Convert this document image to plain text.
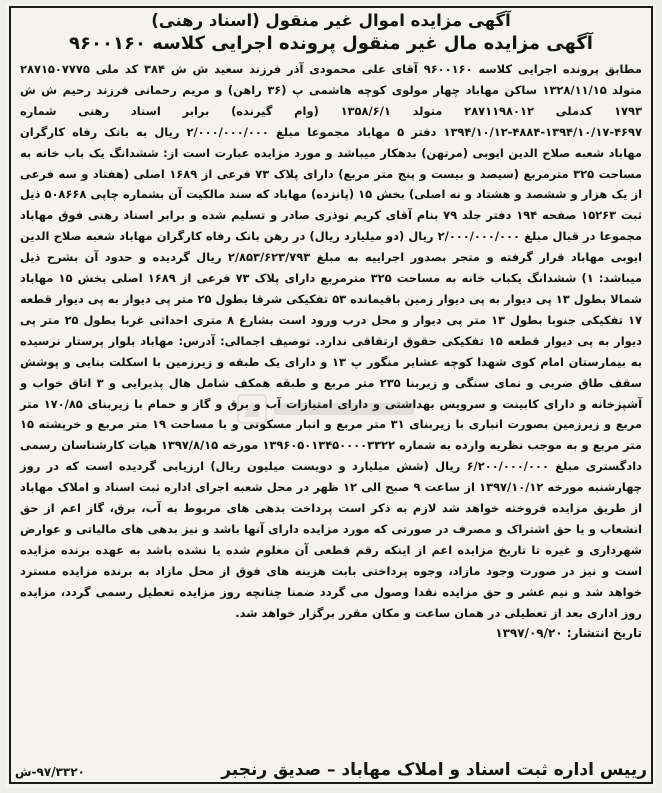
آگهی مزایده اموال غیر منقول (اسناد رهنی)
آگهی مزایده مال غیر منقول پرونده اجرایی کلاسه ۹۶۰۰۱۶۰

مطابق پرونده اجرایی کلاسه ۹۶۰۰۱۶۰ آقای علی محمودی آذر فرزند سعید ش ش ۳۸۴ کد ملی ۲۸۷۱۵۰۷۷۷۵ متولد ۱۳۲۸/۱۱/۱۵ ساکن مهاباد چهار مولوی کوچه هاشمی پ (۳۶ راهن) و مریم رحمانی فرزند رحیم ش ش ۱۷۹۳ کدملی ۲۸۷۱۱۹۸۰۱۲ متولد ۱۳۵۸/۶/۱ (وام گیرنده) برابر اسناد رهنی شماره ۴۶۹۷-۱۳۹۴/۱۰/۱۷-۴۸۸۴-۱۳۹۴/۱۰/۱۲ دفتر ۵ مهاباد مجموعا مبلغ ۲/۰۰۰/۰۰۰/۰۰۰ ریال به بانک رفاه کارگران مهاباد شعبه صلاح الدین ایوبی (مرتهن) بدهکار میباشد و مورد مزایده عبارت است از: ششدانگ یک باب خانه به مساحت ۳۲۵ مترمربع (سیصد و بیست و پنج متر مربع) دارای پلاک ۷۳ فرعی از ۱۶۸۹ اصلی (هفتاد و سه فرعی از یک هزار و ششصد و هشتاد و نه اصلی) بخش ۱۵ (پانزده) مهاباد که سند مالکیت آن بشماره چاپی ۵۰۸۶۶۸ ذیل ثبت ۱۵۲۶۳ صفحه ۱۹۴ دفتر جلد ۷۹ بنام آقای کریم توذری صادر و تسلیم شده و برابر اسناد رهنی فوق مهاباد مجموعا در قبال مبلغ ۲/۰۰۰/۰۰۰/۰۰۰ ریال (دو میلیارد ریال) در رهن بانک رفاه کارگران مهاباد شعبه صلاح الدین ایوبی مهاباد قرار گرفته و متجر بصدور اجراییه به مبلغ ۲/۸۵۳/۶۲۳/۷۹۳ ریال گردیده و حدود آن بشرح ذیل میباشد: ۱) ششدانگ یکباب خانه به مساحت ۳۲۵ مترمربع دارای پلاک ۷۳ فرعی از ۱۶۸۹ اصلی بخش ۱۵ مهاباد شمالا بطول ۱۳ پی دیوار به پی دیوار زمین باقیمانده ۵۳ تفکیکی شرقا بطول ۲۵ متر پی دیوار به پی دیوار قطعه ۱۷ تفکیکی جنوبا بطول ۱۳ متر پی دیوار و محل درب ورود است بشارع ۸ متری احداثی غربا بطول ۲۵ متر پی دیوار به پی دیوار قطعه ۱۵ تفکیکی حقوق ارتفاقی ندارد. توصیف اجمالی: آدرس: مهاباد بلوار پرستار نرسیده به بیمارستان امام کوی شهدا کوچه عشایر منگور پ ۱۳ و دارای یک طبقه و زیرزمین با اسکلت بنایی و پوشش سقف طاق ضربی و نمای سنگی و زیربنا ۲۳۵ متر مربع و طبقه همکف شامل هال پذیرایی و ۳ اتاق خواب و آشپزخانه و دارای کابینت و سرویس بهداشتی و دارای امتیازات آب و برق و گاز و حمام با زیربنای ۱۷۰/۸۵ متر مربع و زیرزمین بصورت انباری با زیربنای ۳۱ متر مربع و انبار مسکونی و با مساحت ۱۹ متر مربع و خرپشته ۱۵ متر مربع و به موجب نظریه وارده به شماره ۱۳۹۶۰۵۰۱۳۴۵۰۰۰۰۳۳۲۲ مورخه ۱۳۹۷/۸/۱۵ هیات کارشناسان رسمی دادگستری مبلغ ۶/۲۰۰/۰۰۰/۰۰۰ ریال (شش میلیارد و دویست میلیون ریال) ارزیابی گردیده است که در روز چهارشنبه مورخه ۱۳۹۷/۱۰/۱۲ از ساعت ۹ صبح الی ۱۲ ظهر در محل شعبه اجرای اداره ثبت اسناد و املاک مهاباد از طریق مزایده فروخته خواهد شد لازم به ذکر است پرداخت بدهی های مربوط به آب، برق، گاز اعم از حق انشعاب و یا حق اشتراک و مصرف در صورتی که مورد مزایده دارای آنها باشد و نیز بدهی های مالیاتی و عوارض شهرداری و غیره تا تاریخ مزایده اعم از اینکه رقم قطعی آن معلوم شده یا نشده باشد به عهده برنده مزایده است و نیز در صورت وجود مازاد، وجوه پرداختی بابت هزینه های فوق از محل مازاد به برنده مزایده مسترد خواهد شد و نیم عشر و حق مزایده نقدا وصول می گردد ضمنا چنانچه روز مزایده تعطیل رسمی گردد، مزایده روز اداری بعد از تعطیلی در همان ساعت و مکان مقرر برگزار خواهد شد.

تاریخ انتشار: ۱۳۹۷/۰۹/۲۰
رییس اداره ثبت اسناد و املاک مهاباد – صدیق رنجبر
۹۷/۳۳۲۰-ش
